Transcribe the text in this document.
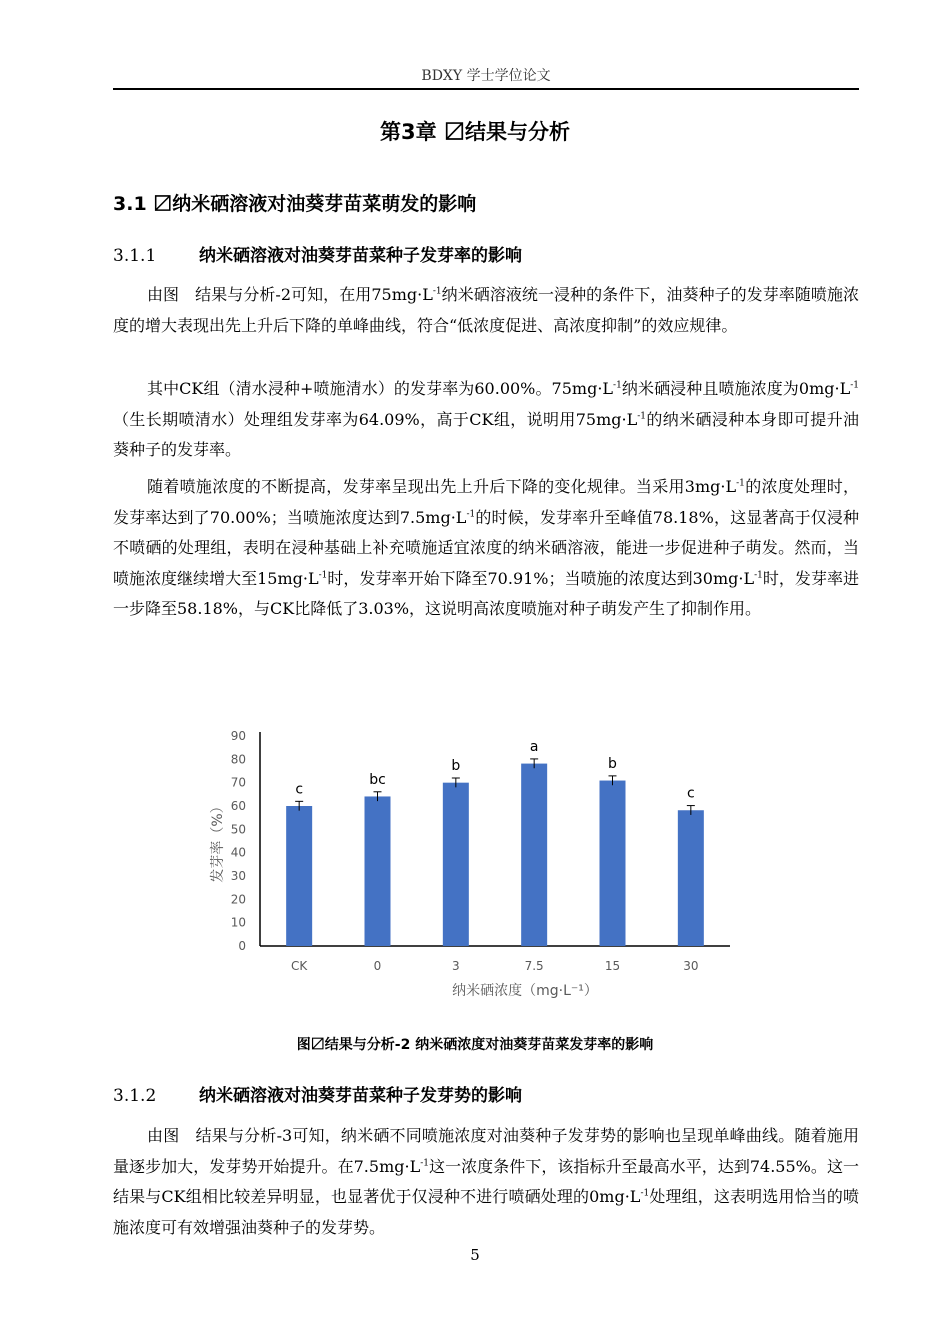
BDXY 学士学位论文
第3章 〼结果与分析
3.1 〼纳米硒溶液对油葵芽苗菜萌发的影响
3.1.1	纳米硒溶液对油葵芽苗菜种子发芽率的影响
由图　结果与分析-2可知，在用$75mg\cdot L^{-1}$纳米硒溶液统一浸种的条件下，油葵种子的发芽率随喷施浓度的增大表现出先上升后下降的单峰曲线，符合“低浓度促进、高浓度抑制”的效应规律。
其中CK组（清水浸种+喷施清水）的发芽率为60.00%。$75mg\cdot L^{-1}$纳米硒浸种且喷施浓度为$0mg\cdot L^{-1}$（生长期喷清水）处理组发芽率为64.09%，高于CK组，说明用$75mg\cdot L^{-1}$的纳米硒浸种本身即可提升油葵种子的发芽率。
随着喷施浓度的不断提高，发芽率呈现出先上升后下降的变化规律。当采用$3mg\cdot L^{-1}$的浓度处理时，发芽率达到了70.00%；当喷施浓度达到$7.5mg\cdot L^{-1}$的时候，发芽率升至峰值78.18%，这显著高于仅浸种不喷硒的处理组，表明在浸种基础上补充喷施适宜浓度的纳米硒溶液，能进一步促进种子萌发。然而，当喷施浓度继续增大至$15mg\cdot L^{-1}$时，发芽率开始下降至70.91%；当喷施的浓度达到$30mg\cdot L^{-1}$时，发芽率进一步降至58.18%，与CK比降低了3.03%，这说明高浓度喷施对种子萌发产生了抑制作用。
0
10
20
30
40
50
60
70
80
90
发芽率（%）
c
CK
bc
0
b
3
a
7.5
b
15
c
30
纳米硒浓度（mg·L⁻¹）
图〼结果与分析-2 纳米硒浓度对油葵芽苗菜发芽率的影响
3.1.2	纳米硒溶液对油葵芽苗菜种子发芽势的影响
由图　结果与分析-3可知，纳米硒不同喷施浓度对油葵种子发芽势的影响也呈现单峰曲线。随着施用量逐步加大，发芽势开始提升。在$7.5mg\cdot L^{-1}$这一浓度条件下，该指标升至最高水平，达到74.55%。这一结果与CK组相比较差异明显，也显著优于仅浸种不进行喷硒处理的$0mg\cdot L^{-1}$处理组，这表明选用恰当的喷施浓度可有效增强油葵种子的发芽势。
5
